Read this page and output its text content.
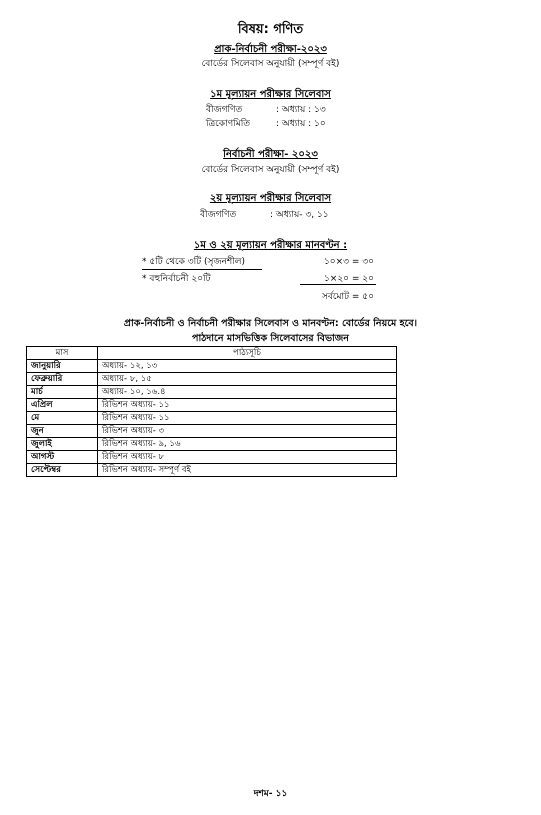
বিষয়: গণিত
প্রাক-নির্বাচনী পরীক্ষা-২০২৩
বোর্ডের সিলেবাস অনুযায়ী (সম্পূর্ণ বই)
১ম মূল্যায়ন পরীক্ষার সিলেবাস
বীজগণিত	: অধ্যায় : ১৩
ত্রিকোণমিতি	: অধ্যায় : ১০
নির্বাচনী পরীক্ষা- ২০২৩
বোর্ডের সিলেবাস অনুযায়ী (সম্পূর্ণ বই)
২য় মূল্যায়ন পরীক্ষার সিলেবাস
বীজগণিত	: অধ্যায়- ৩, ১১
১ম ও ২য় মূল্যায়ন পরীক্ষার মানবণ্টন :
* ৫টি থেকে ৩টি (সৃজনশীল)	১০×৩ = ৩০
* বহুনির্বাচনী ২০টি	১×২০ = ২০
সর্বমোট = ৫০
প্রাক-নির্বাচনী ও নির্বাচনী পরীক্ষার সিলেবাস ও মানবণ্টন: বোর্ডের নিয়মে হবে।
পাঠদানে মাসভিত্তিক সিলেবাসের বিভাজন
মাস	পাঠ্যসূচি
জানুয়ারি	অধ্যায়- ১২, ১৩
ফেব্রুয়ারি	অধ্যায়- ৮, ১৫
মার্চ	অধ্যায়- ১০, ১৬.৪
এপ্রিল	রিভিশন অধ্যায়- ১১
মে	রিভিশন অধ্যায়- ১১
জুন	রিভিশন অধ্যায়- ৩
জুলাই	রিভিশন অধ্যায়- ৯, ১৬
আগস্ট	রিভিশন অধ্যায়- ৮
সেপ্টেম্বর	রিভিশন অধ্যায়- সম্পূর্ণ বই
দশম- ১১
